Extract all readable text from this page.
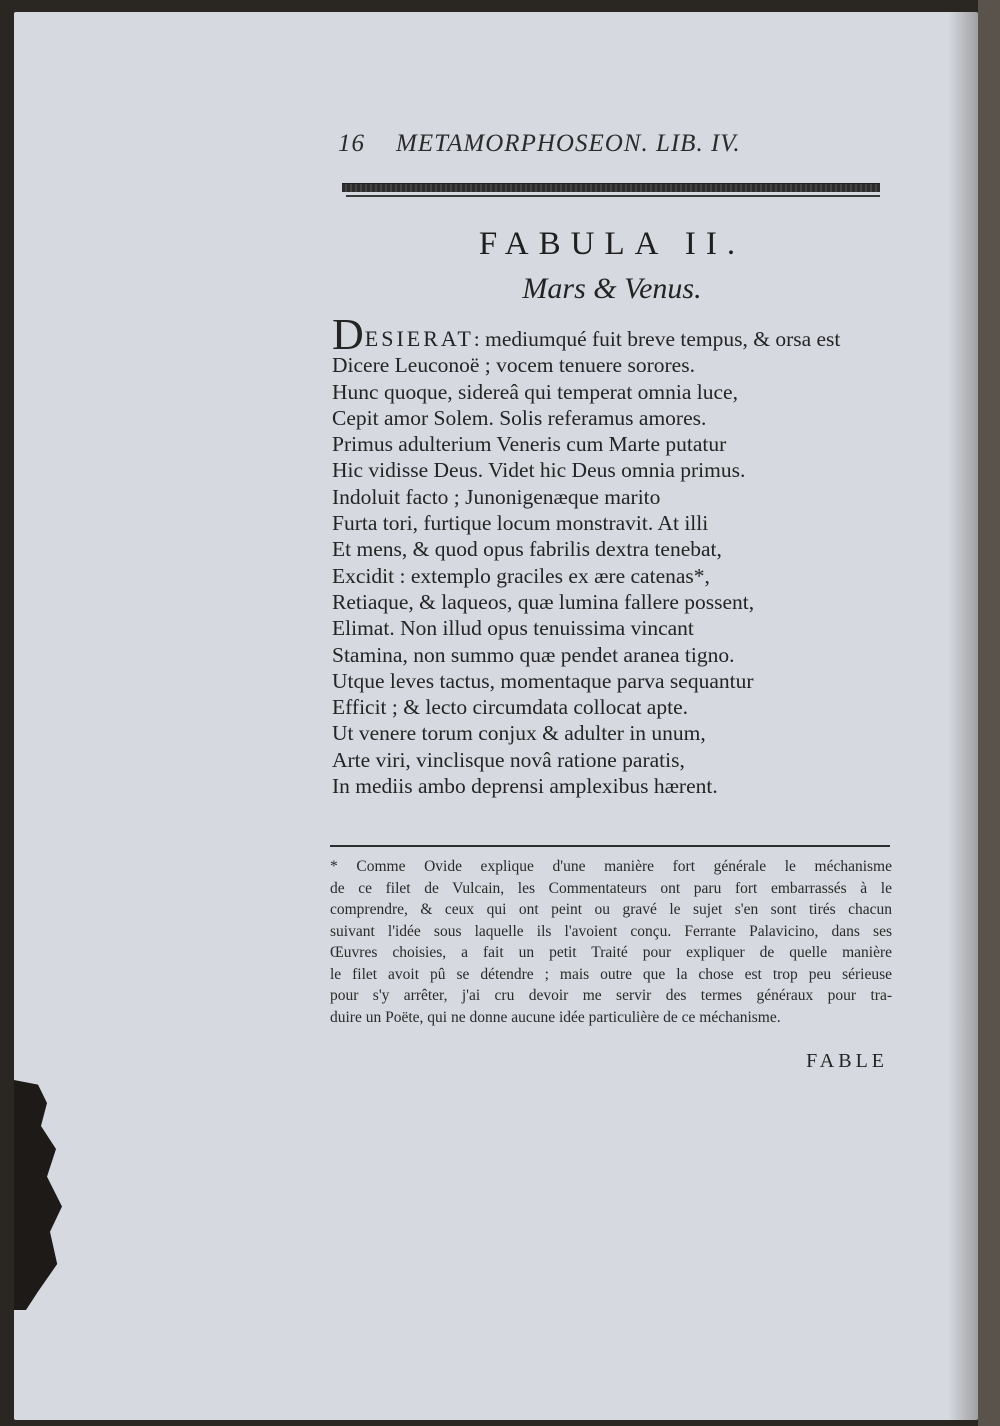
16 METAMORPHOSEON. LIB. IV.
FABULA II.
Mars & Venus.
DESIERAT: mediumqué fuit breve tempus, & orsa est
Dicere Leuconoë ; vocem tenuere sorores.
Hunc quoque, sidereâ qui temperat omnia luce,
Cepit amor Solem. Solis referamus amores.
Primus adulterium Veneris cum Marte putatur
Hic vidisse Deus. Videt hic Deus omnia primus.
Indoluit facto ; Junonigenæque marito
Furta tori, furtique locum monstravit. At illi
Et mens, & quod opus fabrilis dextra tenebat,
Excidit : extemplo graciles ex ære catenas*,
Retiaque, & laqueos, quæ lumina fallere possent,
Elimat. Non illud opus tenuissima vincant
Stamina, non summo quæ pendet aranea tigno.
Utque leves tactus, momentaque parva sequantur
Efficit ; & lecto circumdata collocat apte.
Ut venere torum conjux & adulter in unum,
Arte viri, vinclisque novâ ratione paratis,
In mediis ambo deprensi amplexibus hærent.
* Comme Ovide explique d'une manière fort générale le méchanisme
de ce filet de Vulcain, les Commentateurs ont paru fort embarrassés à le
comprendre, & ceux qui ont peint ou gravé le sujet s'en sont tirés chacun
suivant l'idée sous laquelle ils l'avoient conçu. Ferrante Palavicino, dans ses
Œuvres choisies, a fait un petit Traité pour expliquer de quelle manière
le filet avoit pû se détendre ; mais outre que la chose est trop peu sérieuse
pour s'y arrêter, j'ai cru devoir me servir des termes généraux pour tra-
duire un Poëte, qui ne donne aucune idée particulière de ce méchanisme.
FABLE
